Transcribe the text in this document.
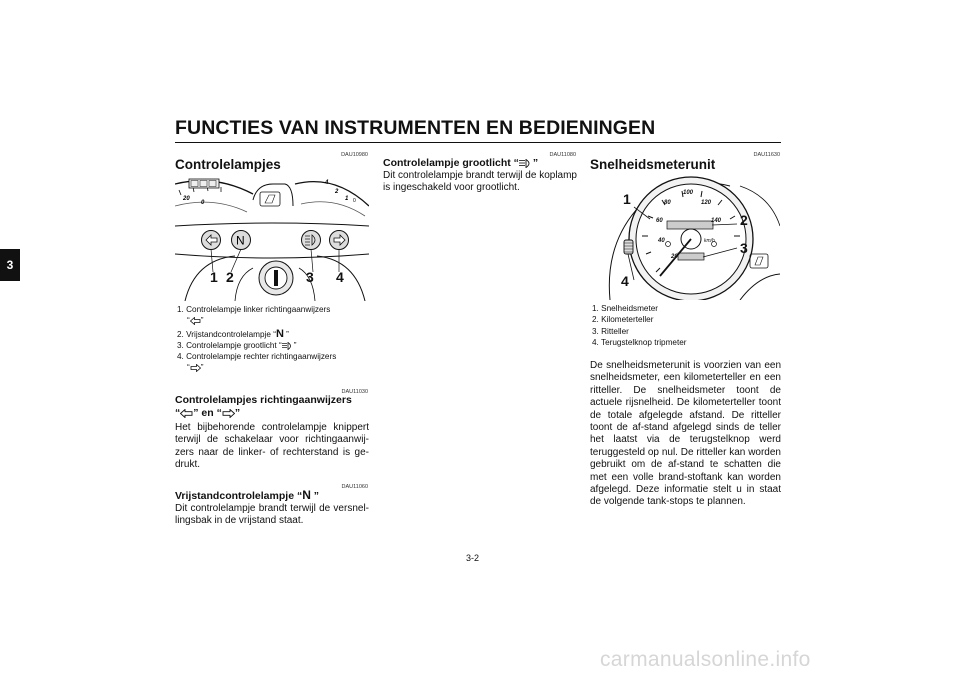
FUNCTIES VAN INSTRUMENTEN EN BEDIENINGEN
3
DAU10980
Controlelampjes
20
0
4
2
1 0
N
1 2	3 4
1. Controlelampje linker richtingaanwijzers
“ ”
2. Vrijstandcontrolelampje “N ”
3. Controlelampje grootlicht “ ”
4. Controlelampje rechter richtingaanwijzers
“ ”
DAU11030
Controlelampjes richtingaanwijzers
“ ” en “ ”
Het bijbehorende controlelampje knippert terwijl de schakelaar voor richtingaanwij-zers naar de linker- of rechterstand is ge-drukt.
DAU11060
Vrijstandcontrolelampje “N ”
Dit controlelampje brandt terwijl de versnel-lingsbak in de vrijstand staat.
DAU11080
Controlelampje grootlicht “ ”
Dit controlelampje brandt terwijl de koplamp is ingeschakeld voor grootlicht.
DAU11630
Snelheidsmeterunit
100
80	120
60	140
40
20
km/h
1
2
3
4
1. Snelheidsmeter
2. Kilometerteller
3. Ritteller
4. Terugstelknop tripmeter
De snelheidsmeterunit is voorzien van een snelheidsmeter, een kilometerteller en een ritteller. De snelheidsmeter toont de actuele rijsnelheid. De kilometerteller toont de totale afgelegde afstand. De ritteller toont de af-stand afgelegd sinds de teller het laatst via de terugstelknop werd teruggesteld op nul. De ritteller kan worden gebruikt om de af-stand te schatten die met een volle brand-stoftank kan worden afgelegd. Deze informatie stelt u in staat de volgende tank-stops te plannen.
3-2
carmanualsonline.info
